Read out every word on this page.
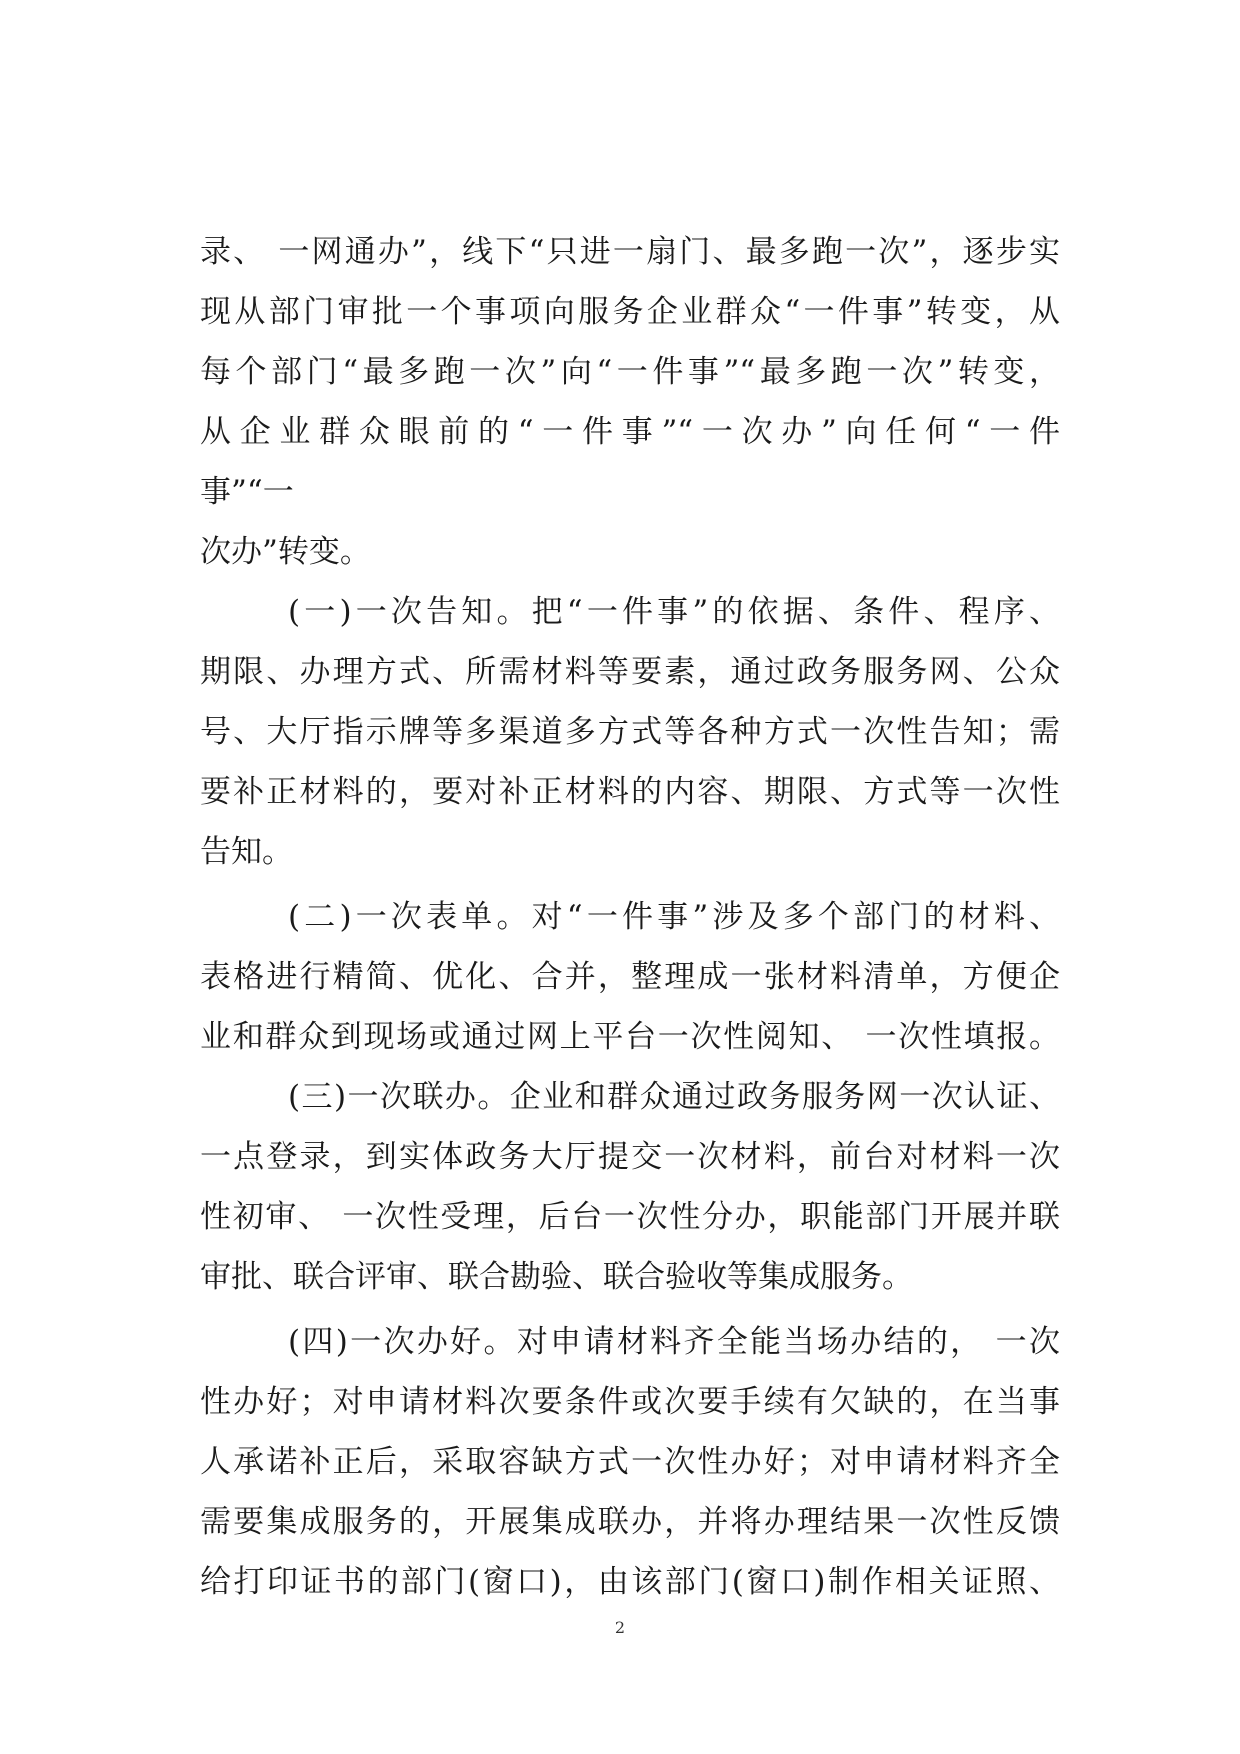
录、 一网通办”，线下“只进一扇门、最多跑一次”，逐步实
现从部门审批一个事项向服务企业群众“一件事”转变，从
每个部门“最多跑一次”向“一件事”“最多跑一次”转变，
从企业群众眼前的“一件事”“一次办”向任何“一件
事”“一
次办”转变。
(一)一次告知。把“一件事”的依据、条件、程序、
期限、办理方式、所需材料等要素，通过政务服务网、公众
号、大厅指示牌等多渠道多方式等各种方式一次性告知；需
要补正材料的，要对补正材料的内容、期限、方式等一次性
告知。
(二)一次表单。对“一件事”涉及多个部门的材料、
表格进行精简、优化、合并，整理成一张材料清单，方便企
业和群众到现场或通过网上平台一次性阅知、 一次性填报。
(三)一次联办。企业和群众通过政务服务网一次认证、
一点登录，到实体政务大厅提交一次材料，前台对材料一次
性初审、 一次性受理，后台一次性分办，职能部门开展并联
审批、联合评审、联合勘验、联合验收等集成服务。
(四)一次办好。对申请材料齐全能当场办结的， 一次
性办好；对申请材料次要条件或次要手续有欠缺的，在当事
人承诺补正后，采取容缺方式一次性办好；对申请材料齐全
需要集成服务的，开展集成联办，并将办理结果一次性反馈
给打印证书的部门(窗口)，由该部门(窗口)制作相关证照、
2
